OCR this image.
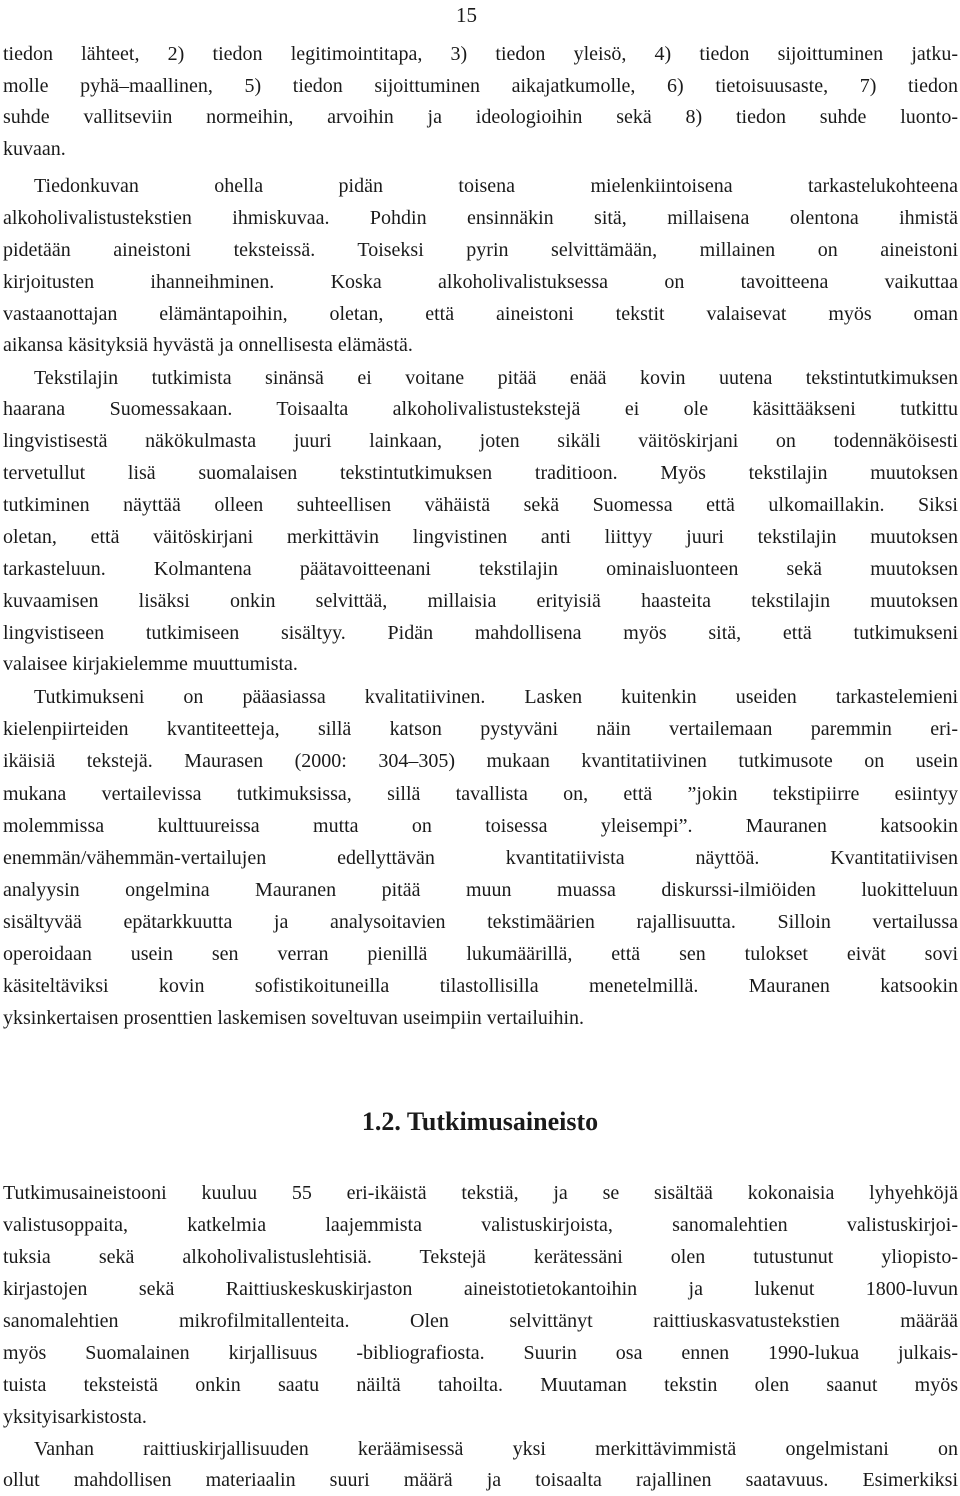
15
tiedon lähteet, 2) tiedon legitimointitapa, 3) tiedon yleisö, 4) tiedon sijoittuminen jatku-
molle pyhä–maallinen, 5) tiedon sijoittuminen aikajatkumolle, 6) tietoisuusaste, 7) tiedon
suhde vallitseviin normeihin, arvoihin ja ideologioihin sekä 8) tiedon suhde luonto-
kuvaan.
Tiedonkuvan ohella pidän toisena mielenkiintoisena tarkastelukohteena
alkoholivalistustekstien ihmiskuvaa. Pohdin ensinnäkin sitä, millaisena olentona ihmistä
pidetään aineistoni teksteissä. Toiseksi pyrin selvittämään, millainen on aineistoni
kirjoitusten ihanneihminen. Koska alkoholivalistuksessa on tavoitteena vaikuttaa
vastaanottajan elämäntapoihin, oletan, että aineistoni tekstit valaisevat myös oman
aikansa käsityksiä hyvästä ja onnellisesta elämästä.
Tekstilajin tutkimista sinänsä ei voitane pitää enää kovin uutena tekstintutkimuksen
haarana Suomessakaan. Toisaalta alkoholivalistustekstejä ei ole käsittääkseni tutkittu
lingvistisestä näkökulmasta juuri lainkaan, joten sikäli väitöskirjani on todennäköisesti
tervetullut lisä suomalaisen tekstintutkimuksen traditioon. Myös tekstilajin muutoksen
tutkiminen näyttää olleen suhteellisen vähäistä sekä Suomessa että ulkomaillakin. Siksi
oletan, että väitöskirjani merkittävin lingvistinen anti liittyy juuri tekstilajin muutoksen
tarkasteluun. Kolmantena päätavoitteenani tekstilajin ominaisluonteen sekä muutoksen
kuvaamisen lisäksi onkin selvittää, millaisia erityisiä haasteita tekstilajin muutoksen
lingvistiseen tutkimiseen sisältyy. Pidän mahdollisena myös sitä, että tutkimukseni
valaisee kirjakielemme muuttumista.
Tutkimukseni on pääasiassa kvalitatiivinen. Lasken kuitenkin useiden tarkastelemieni
kielenpiirteiden kvantiteetteja, sillä katson pystyväni näin vertailemaan paremmin eri-
ikäisiä tekstejä. Maurasen (2000: 304–305) mukaan kvantitatiivinen tutkimusote on usein
mukana vertailevissa tutkimuksissa, sillä tavallista on, että ”jokin tekstipiirre esiintyy
molemmissa kulttuureissa mutta on toisessa yleisempi”. Mauranen katsookin
enemmän/vähemmän-vertailujen edellyttävän kvantitatiivista näyttöä. Kvantitatiivisen
analyysin ongelmina Mauranen pitää muun muassa diskurssi-ilmiöiden luokitteluun
sisältyvää epätarkkuutta ja analysoitavien tekstimäärien rajallisuutta. Silloin vertailussa
operoidaan usein sen verran pienillä lukumäärillä, että sen tulokset eivät sovi
käsiteltäviksi kovin sofistikoituneilla tilastollisilla menetelmillä. Mauranen katsookin
yksinkertaisen prosenttien laskemisen soveltuvan useimpiin vertailuihin.
1.2. Tutkimusaineisto
Tutkimusaineistooni kuuluu 55 eri-ikäistä tekstiä, ja se sisältää kokonaisia lyhyehköjä
valistusoppaita, katkelmia laajemmista valistuskirjoista, sanomalehtien valistuskirjoi-
tuksia sekä alkoholivalistuslehtisiä. Tekstejä kerätessäni olen tutustunut yliopisto-
kirjastojen sekä Raittiuskeskuskirjaston aineistotietokantoihin ja lukenut 1800-luvun
sanomalehtien mikrofilmitallenteita. Olen selvittänyt raittiuskasvatustekstien määrää
myös Suomalainen kirjallisuus -bibliografiosta. Suurin osa ennen 1990-lukua julkais-
tuista teksteistä onkin saatu näiltä tahoilta. Muutaman tekstin olen saanut myös
yksityisarkistosta.
Vanhan raittiuskirjallisuuden keräämisessä yksi merkittävimmistä ongelmistani on
ollut mahdollisen materiaalin suuri määrä ja toisaalta rajallinen saatavuus. Esimerkiksi
